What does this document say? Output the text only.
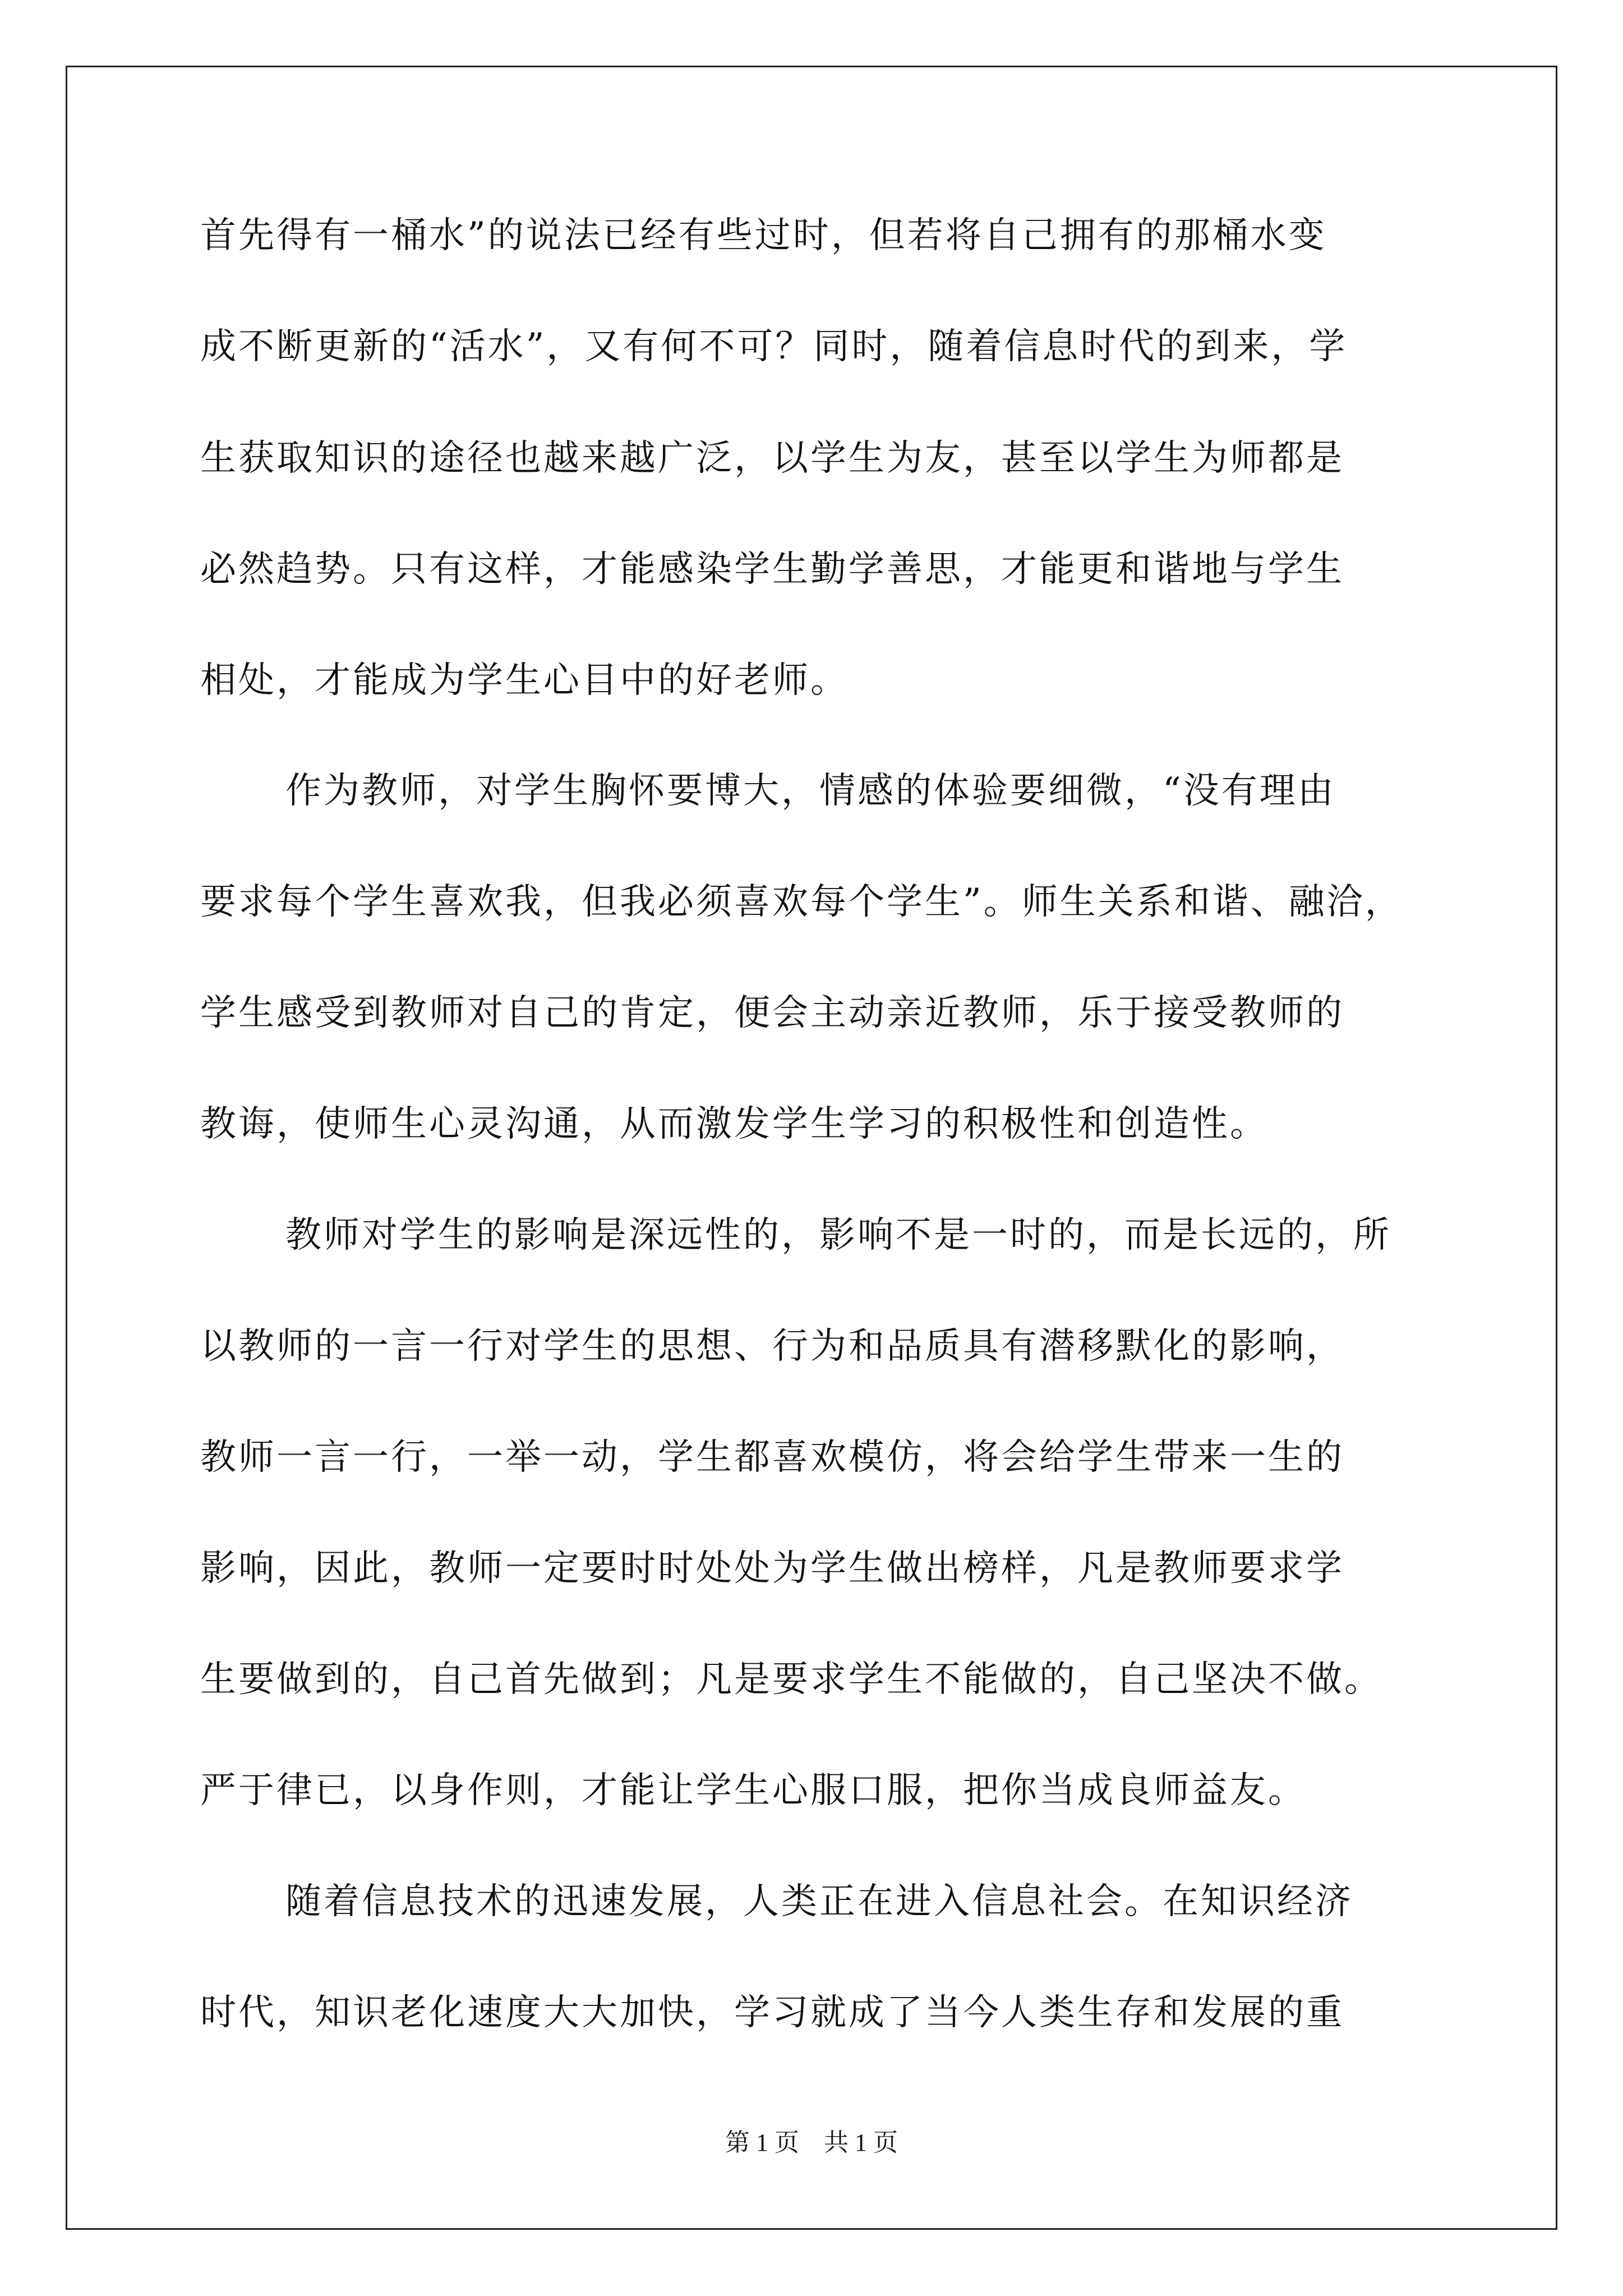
首先得有一桶水”的说法已经有些过时，但若将自己拥有的那桶水变
成不断更新的“活水”，又有何不可？同时，随着信息时代的到来，学
生获取知识的途径也越来越广泛，以学生为友，甚至以学生为师都是
必然趋势。只有这样，才能感染学生勤学善思，才能更和谐地与学生
相处，才能成为学生心目中的好老师。
作为教师，对学生胸怀要博大，情感的体验要细微，“没有理由
要求每个学生喜欢我，但我必须喜欢每个学生”。师生关系和谐、融洽，
学生感受到教师对自己的肯定，便会主动亲近教师，乐于接受教师的
教诲，使师生心灵沟通，从而激发学生学习的积极性和创造性。
教师对学生的影响是深远性的，影响不是一时的，而是长远的，所
以教师的一言一行对学生的思想、行为和品质具有潜移默化的影响，
教师一言一行，一举一动，学生都喜欢模仿，将会给学生带来一生的
影响，因此，教师一定要时时处处为学生做出榜样，凡是教师要求学
生要做到的，自己首先做到；凡是要求学生不能做的，自己坚决不做。
严于律已，以身作则，才能让学生心服口服，把你当成良师益友。
随着信息技术的迅速发展，人类正在进入信息社会。在知识经济
时代，知识老化速度大大加快，学习就成了当今人类生存和发展的重
第 1 页　共 1 页
